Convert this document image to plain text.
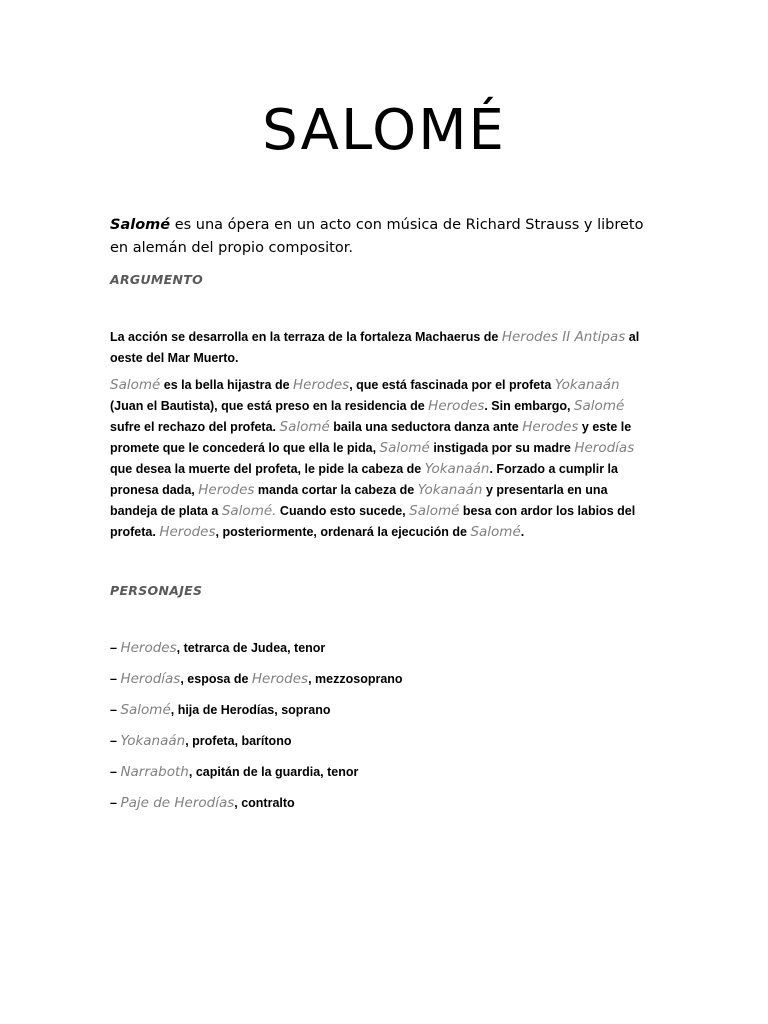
SALOMÉ
Salomé es una ópera en un acto con música de Richard Strauss y libreto en alemán del propio compositor.
ARGUMENTO
La acción se desarrolla en la terraza de la fortaleza Machaerus de Herodes II Antipas al oeste del Mar Muerto.
Salomé es la bella hijastra de Herodes, que está fascinada por el profeta Yokanaán (Juan el Bautista), que está preso en la residencia de Herodes. Sin embargo, Salomé sufre el rechazo del profeta. Salomé baila una seductora danza ante Herodes y este le promete que le concederá lo que ella le pida, Salomé instigada por su madre Herodías que desea la muerte del profeta, le pide la cabeza de Yokanaán. Forzado a cumplir la pronesa dada, Herodes manda cortar la cabeza de Yokanaán y presentarla en una bandeja de plata a Salomé. Cuando esto sucede, Salomé besa con ardor los labios del profeta. Herodes, posteriormente, ordenará la ejecución de Salomé.
PERSONAJES
– Herodes, tetrarca de Judea, tenor
– Herodías, esposa de Herodes, mezzosoprano
– Salomé, hija de Herodías, soprano
– Yokanaán, profeta, barítono
– Narraboth, capitán de la guardia, tenor
– Paje de Herodías, contralto
